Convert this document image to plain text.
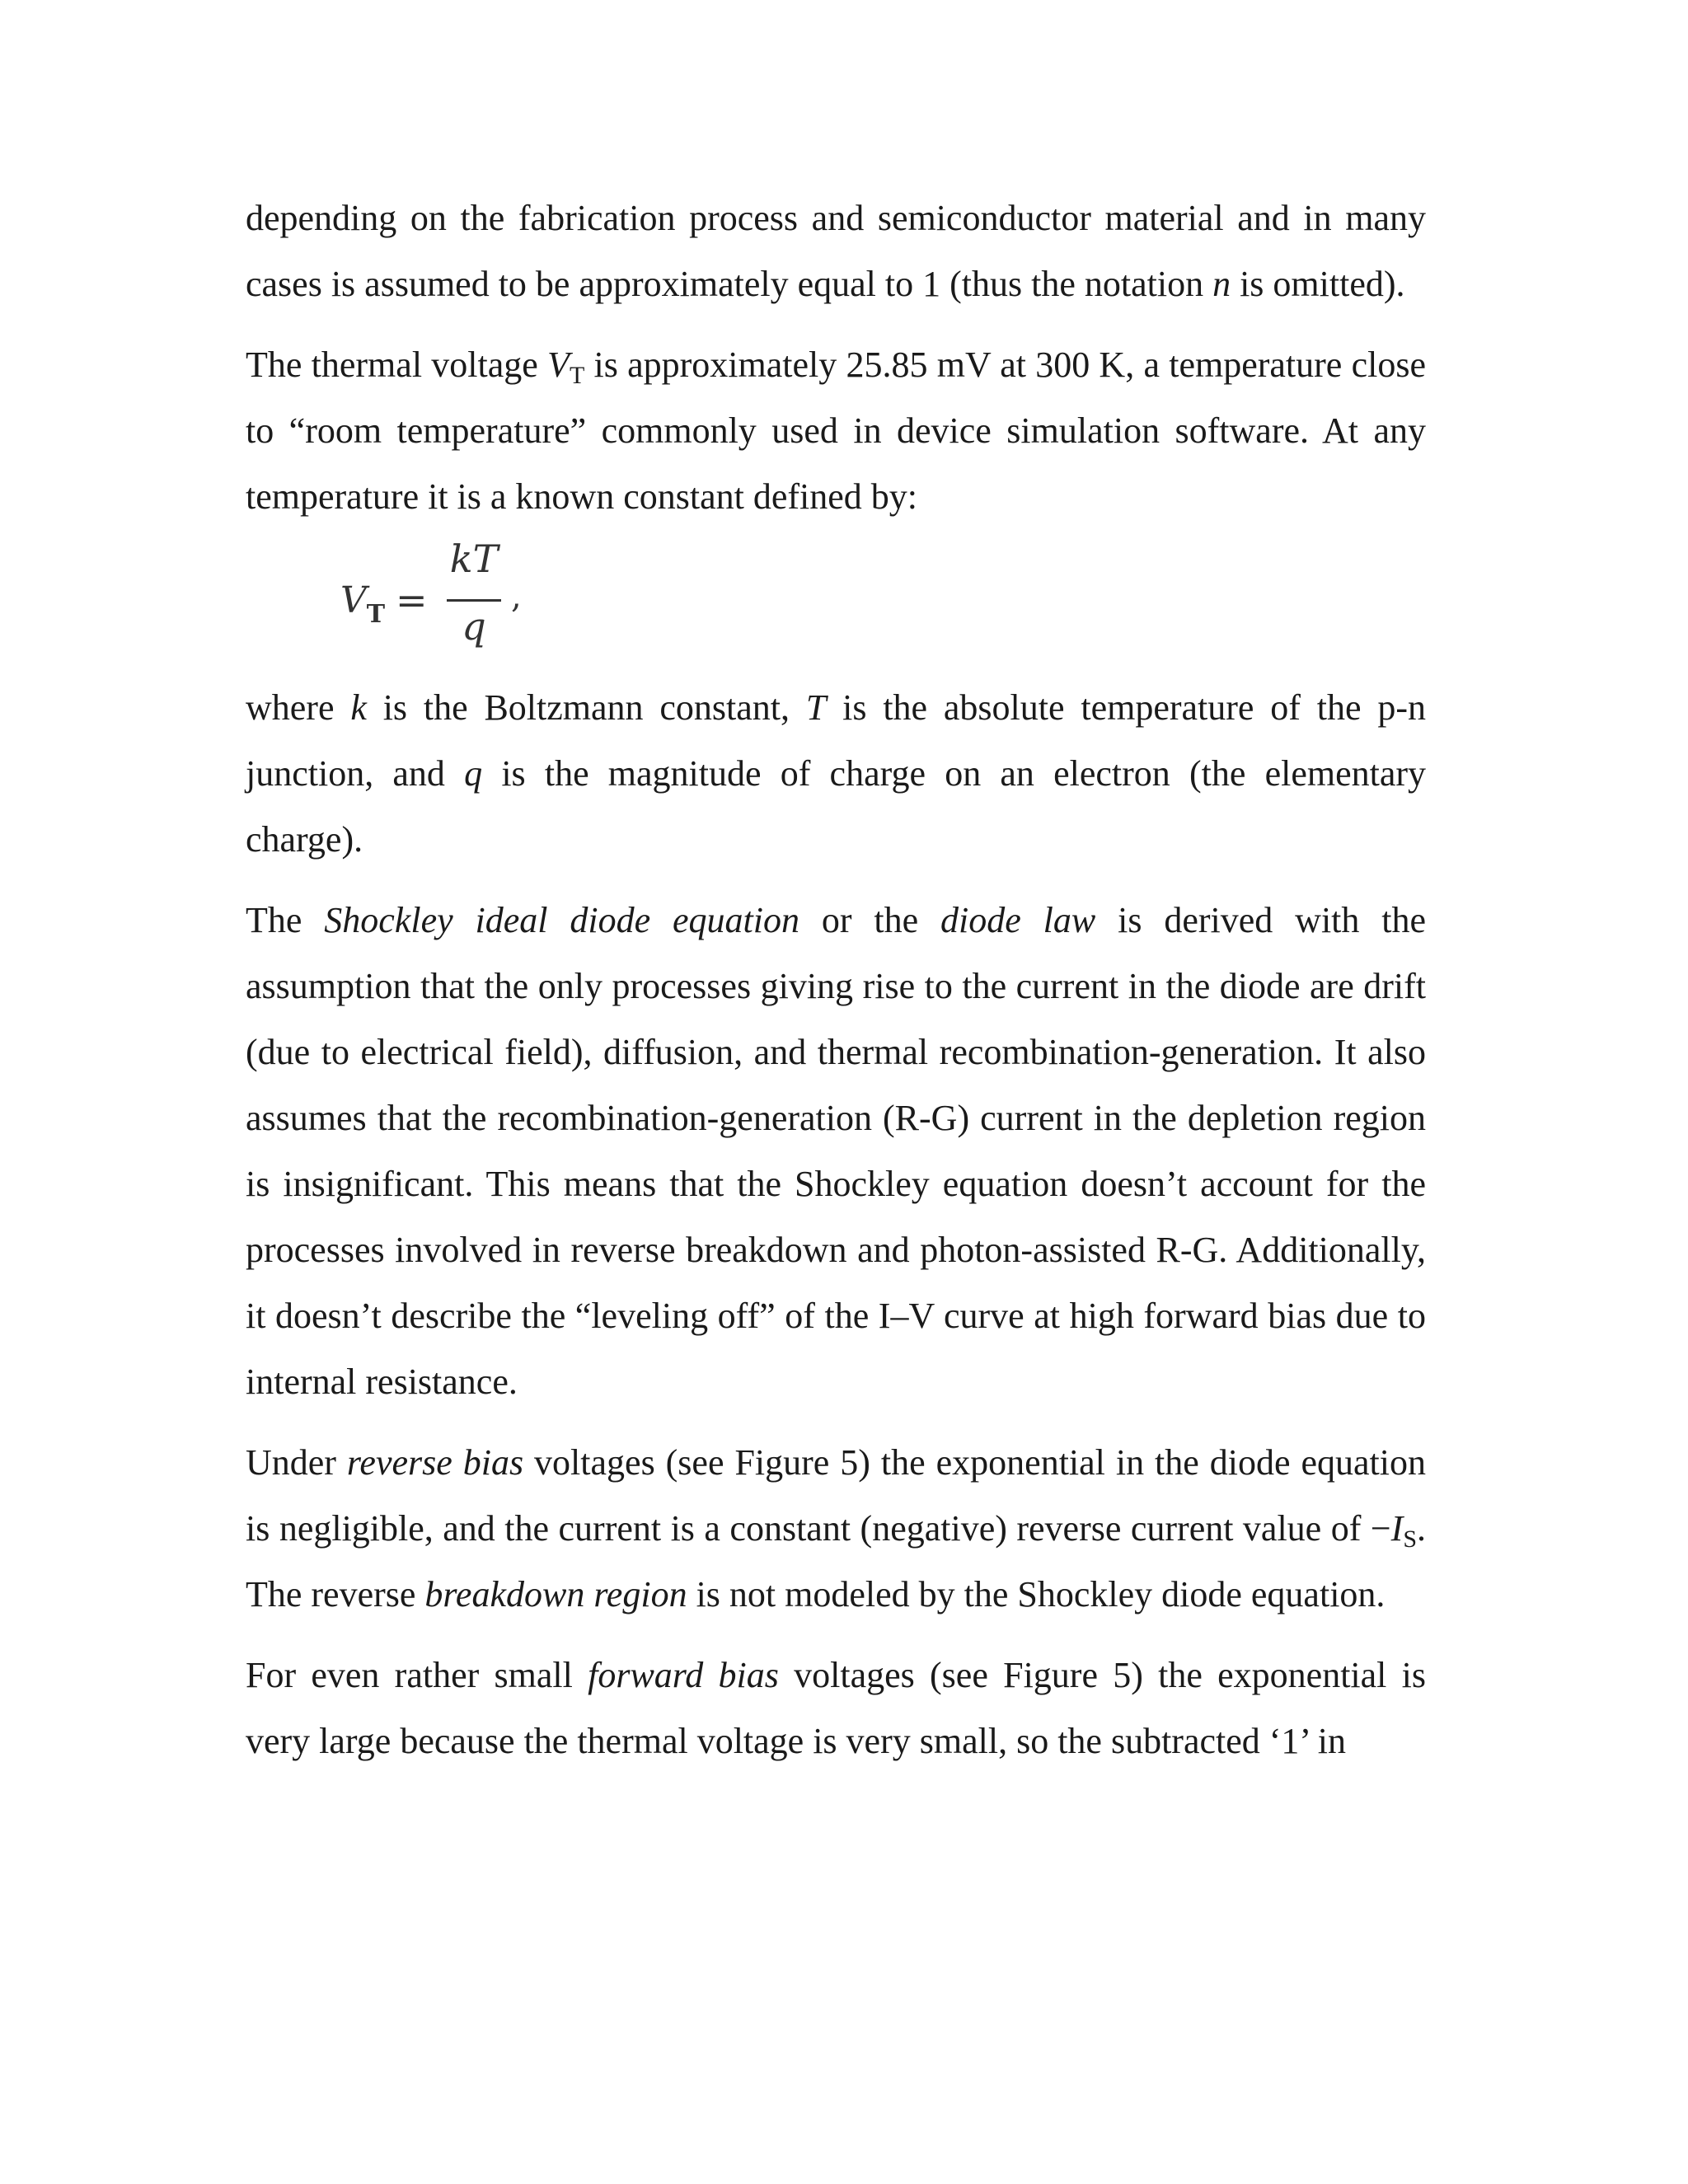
depending on the fabrication process and semiconductor material and in many cases is assumed to be approximately equal to 1 (thus the notation n is omitted).

The thermal voltage $V_T$ is approximately 25.85 mV at 300 K, a temperature close to “room temperature” commonly used in device simulation software. At any temperature it is a known constant defined by:

$V_T$ =
kT
q
,

where k is the Boltzmann constant, T is the absolute temperature of the p-n junction, and q is the magnitude of charge on an electron (the elementary charge).

The Shockley ideal diode equation or the diode law is derived with the assumption that the only processes giving rise to the current in the diode are drift (due to electrical field), diffusion, and thermal recombination-generation. It also assumes that the recombination-generation (R-G) current in the depletion region is insignificant. This means that the Shockley equation doesn’t account for the processes involved in reverse breakdown and photon-assisted R-G. Additionally, it doesn’t describe the “leveling off” of the I–V curve at high forward bias due to internal resistance.

Under reverse bias voltages (see Figure 5) the exponential in the diode equation is negligible, and the current is a constant (negative) reverse current value of $-I_S$. The reverse breakdown region is not modeled by the Shockley diode equation.

For even rather small forward bias voltages (see Figure 5) the exponential is very large because the thermal voltage is very small, so the subtracted ‘1’ in
